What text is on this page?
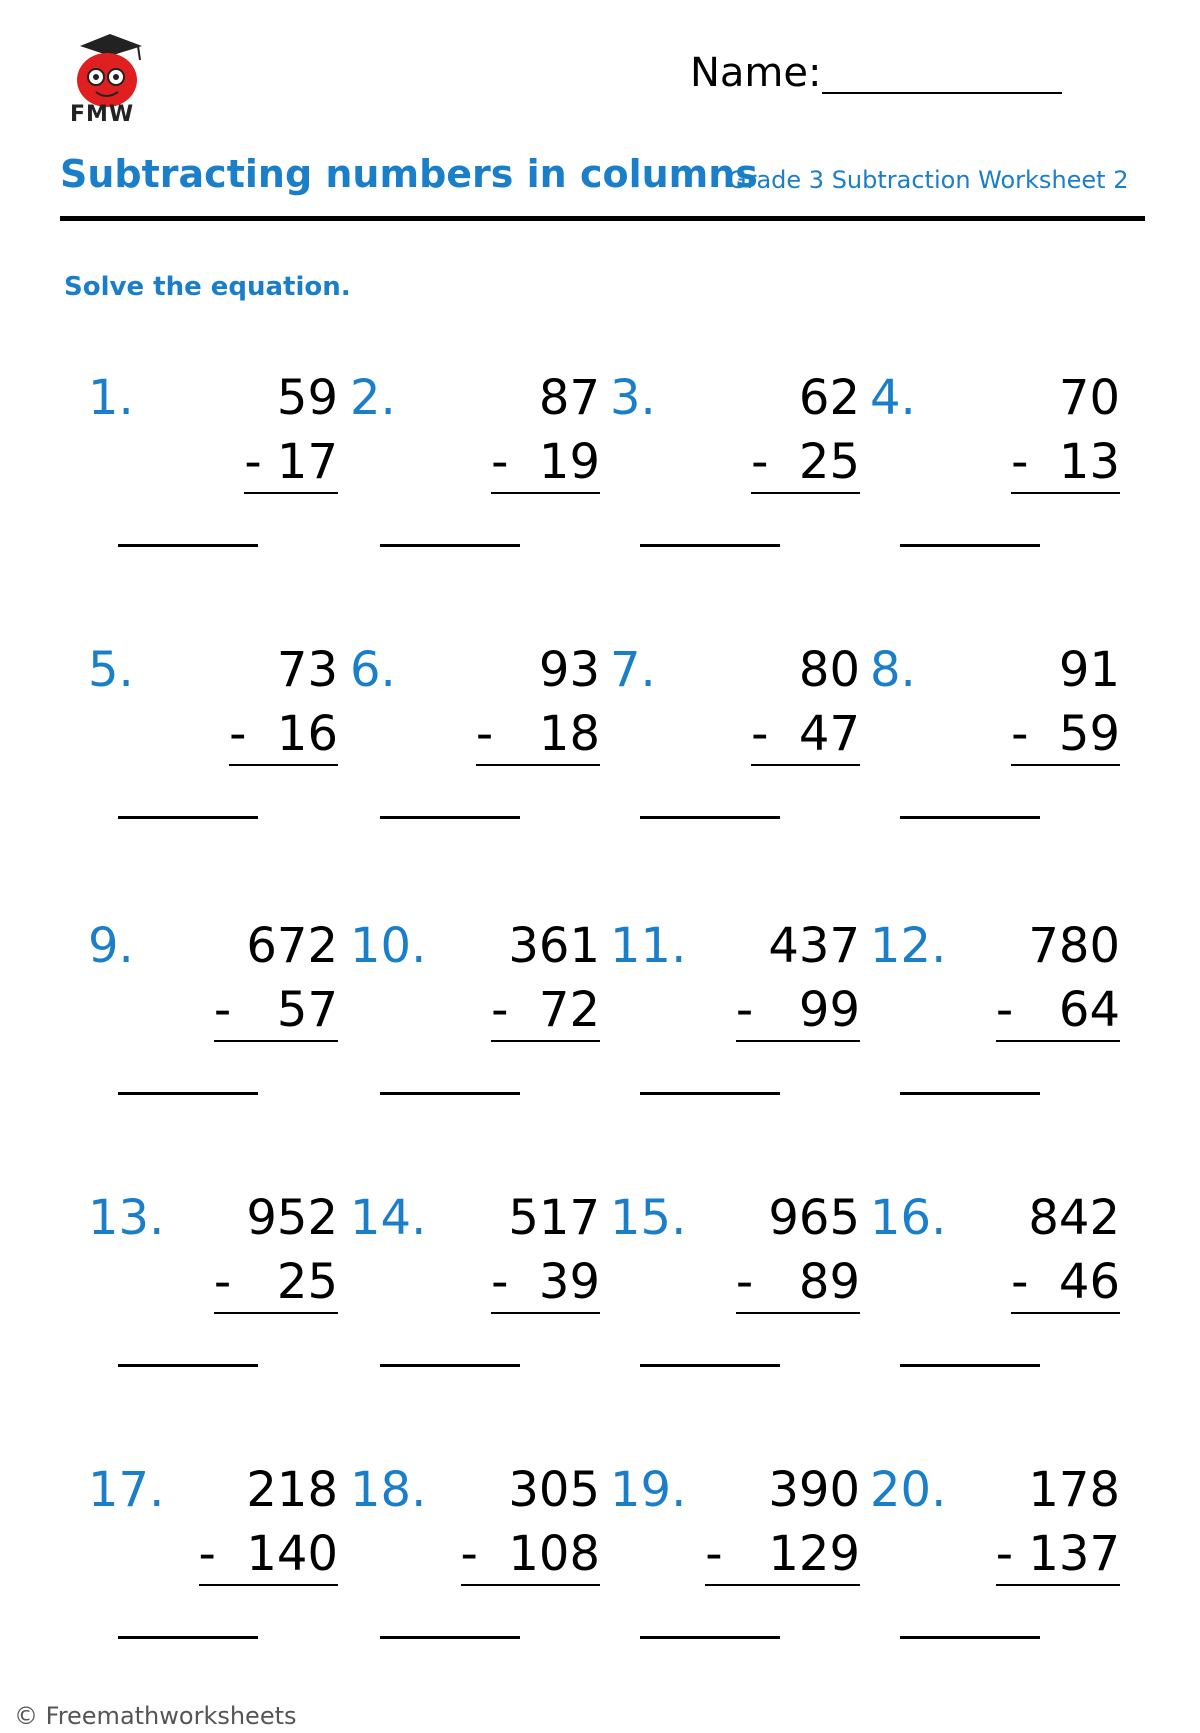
FMW
Name:
Subtracting numbers in columns
Grade 3 Subtraction Worksheet 2
Solve the equation.
1.	59
- 17
2.	87
-  19
3.	62
-  25
4.	70
-  13
5.	73
-  16
6.	93
-   18
7.	80
-  47
8.	91
-  59
9.	672
-   57
10.	361
-  72
11.	437
-   99
12.	780
-   64
13.	952
-   25
14.	517
-  39
15.	965
-   89
16.	842
-  46
17.	218
-  140
18.	305
-  108
19.	390
-   129
20.	178
- 137
© Freemathworksheets
